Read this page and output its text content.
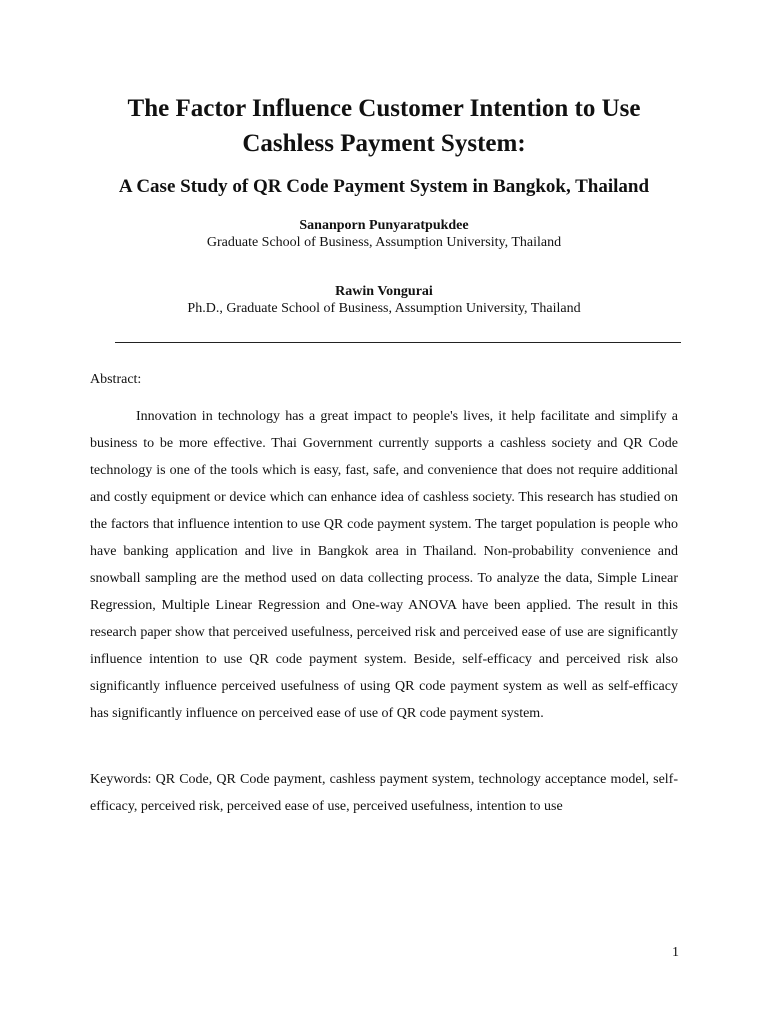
The Factor Influence Customer Intention to Use
Cashless Payment System:
A Case Study of QR Code Payment System in Bangkok, Thailand
Sananporn Punyaratpukdee
Graduate School of Business, Assumption University, Thailand
Rawin Vongurai
Ph.D., Graduate School of Business, Assumption University, Thailand
Abstract:

Innovation in technology has a great impact to people's lives, it help facilitate and simplify a business to be more effective. Thai Government currently supports a cashless society and QR Code technology is one of the tools which is easy, fast, safe, and convenience that does not require additional and costly equipment or device which can enhance idea of cashless society. This research has studied on the factors that influence intention to use QR code payment system. The target population is people who have banking application and live in Bangkok area in Thailand. Non-probability convenience and snowball sampling are the method used on data collecting process. To analyze the data, Simple Linear Regression, Multiple Linear Regression and One-way ANOVA have been applied. The result in this research paper show that perceived usefulness, perceived risk and perceived ease of use are significantly influence intention to use QR code payment system. Beside, self-efficacy and perceived risk also significantly influence perceived usefulness of using QR code payment system as well as self-efficacy has significantly influence on perceived ease of use of QR code payment system.

Keywords: QR Code, QR Code payment, cashless payment system, technology acceptance model, self-efficacy, perceived risk, perceived ease of use, perceived usefulness, intention to use

1
